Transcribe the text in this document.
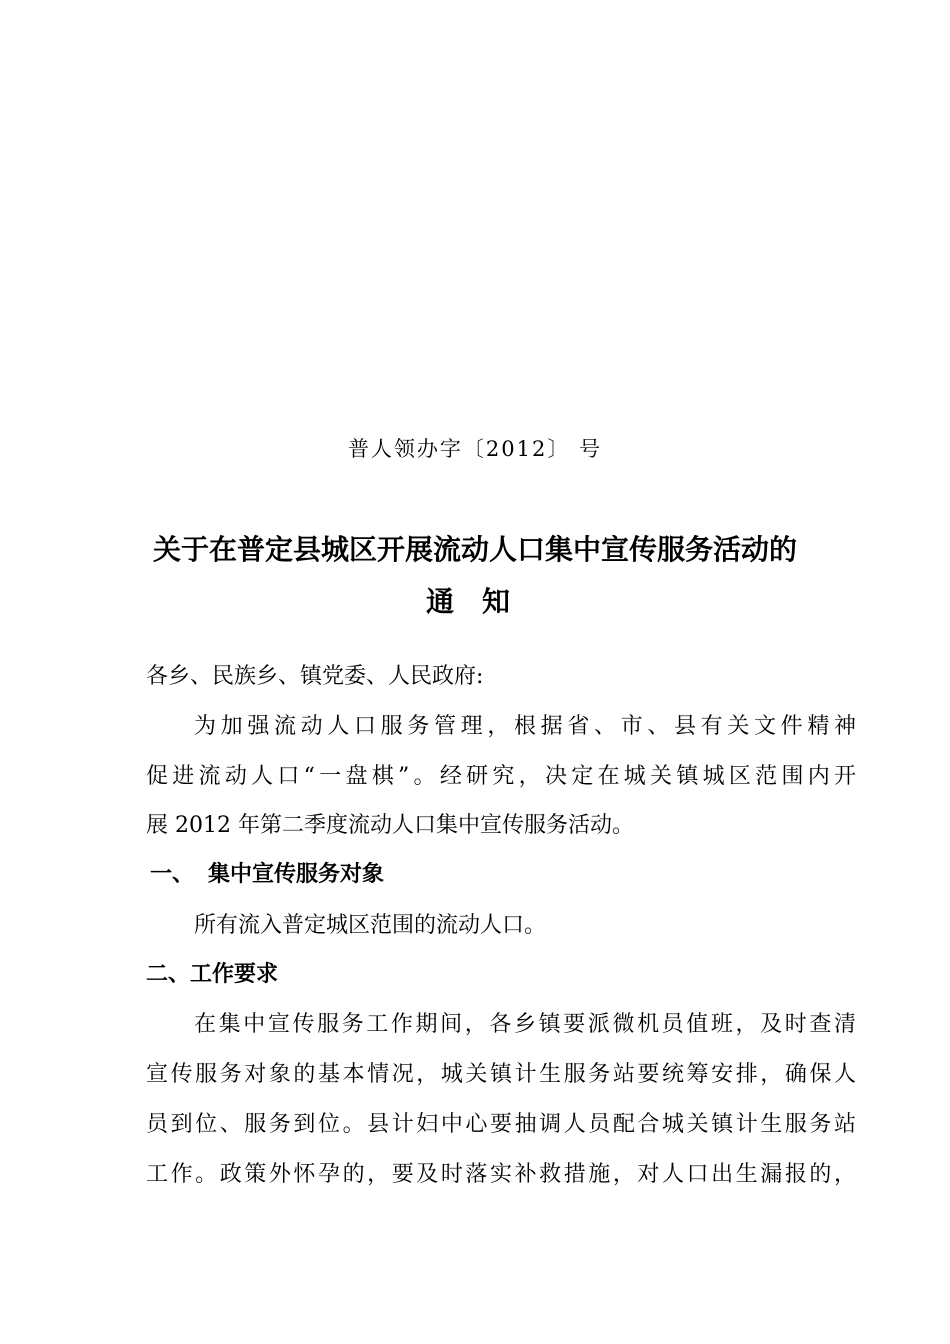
普人领办字〔2012〕 号
关于在普定县城区开展流动人口集中宣传服务活动的
通知
各乡、民族乡、镇党委、人民政府:
为加强流动人口服务管理，根据省、市、县有关文件精神
促进流动人口“一盘棋”。经研究，决定在城关镇城区范围内开
展 2012 年第二季度流动人口集中宣传服务活动。
一、 集中宣传服务对象
所有流入普定城区范围的流动人口。
二、工作要求
在集中宣传服务工作期间，各乡镇要派微机员值班，及时查清
宣传服务对象的基本情况，城关镇计生服务站要统筹安排，确保人
员到位、服务到位。县计妇中心要抽调人员配合城关镇计生服务站
工作。政策外怀孕的，要及时落实补救措施，对人口出生漏报的，
